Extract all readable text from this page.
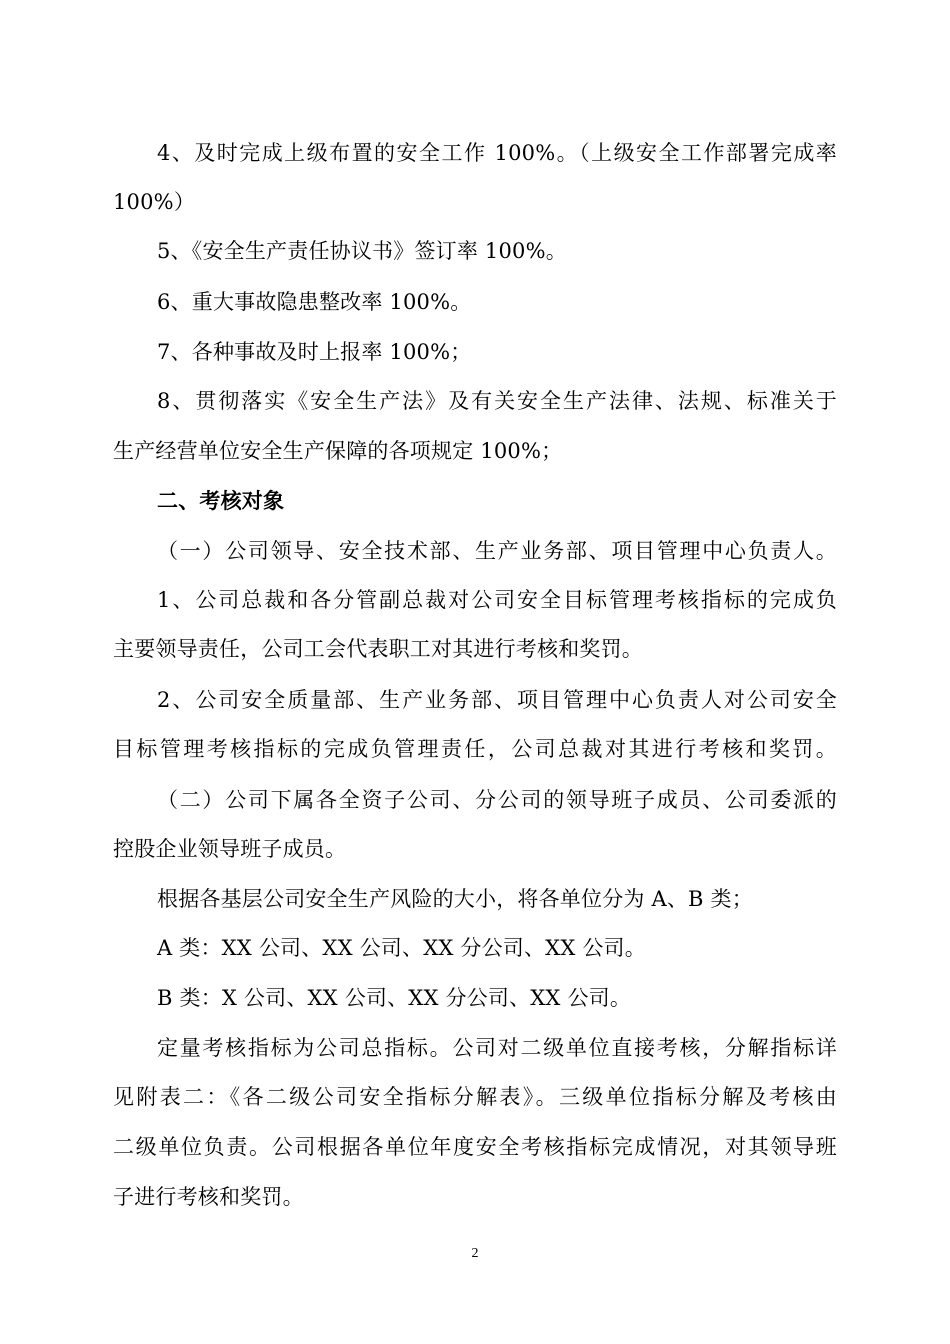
4、及时完成上级布置的安全工作 100%。（上级安全工作部署完成率
100%）
5、《安全生产责任协议书》签订率 100%。
6、重大事故隐患整改率 100%。
7、各种事故及时上报率 100%；
8、贯彻落实《安全生产法》及有关安全生产法律、法规、标准关于
生产经营单位安全生产保障的各项规定 100%；
二、考核对象
（一）公司领导、安全技术部、生产业务部、项目管理中心负责人。
1、公司总裁和各分管副总裁对公司安全目标管理考核指标的完成负
主要领导责任，公司工会代表职工对其进行考核和奖罚。
2、公司安全质量部、生产业务部、项目管理中心负责人对公司安全
目标管理考核指标的完成负管理责任，公司总裁对其进行考核和奖罚。
（二）公司下属各全资子公司、分公司的领导班子成员、公司委派的
控股企业领导班子成员。
根据各基层公司安全生产风险的大小，将各单位分为 A、B 类；
A 类：XX 公司、XX 公司、XX 分公司、XX 公司。
B 类：X 公司、XX 公司、XX 分公司、XX 公司。
定量考核指标为公司总指标。公司对二级单位直接考核，分解指标详
见附表二：《各二级公司安全指标分解表》。三级单位指标分解及考核由
二级单位负责。公司根据各单位年度安全考核指标完成情况，对其领导班
子进行考核和奖罚。
2
